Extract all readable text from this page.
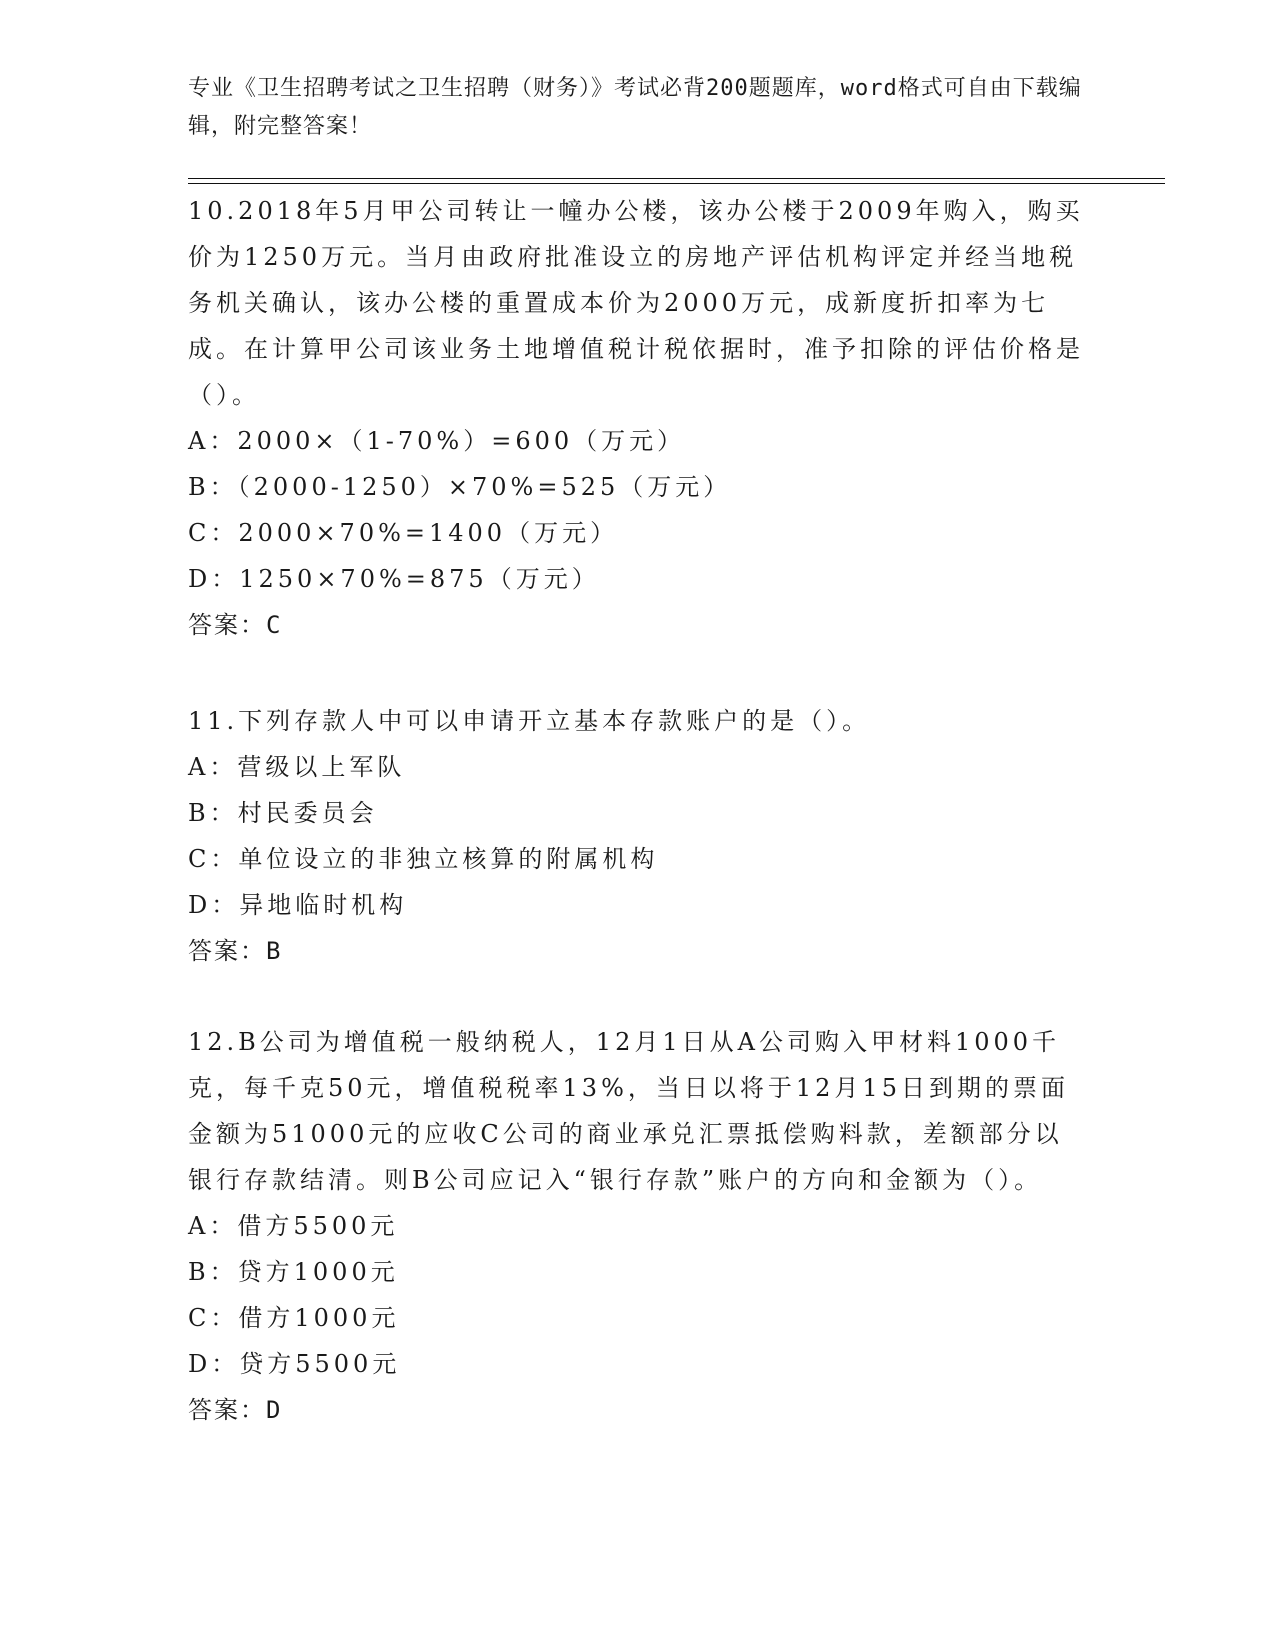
专业《卫生招聘考试之卫生招聘（财务）》考试必背200题题库，word格式可自由下载编辑，附完整答案！
10.2018年5月甲公司转让一幢办公楼，该办公楼于2009年购入，购买价为1250万元。当月由政府批准设立的房地产评估机构评定并经当地税务机关确认，该办公楼的重置成本价为2000万元，成新度折扣率为七成。在计算甲公司该业务土地增值税计税依据时，准予扣除的评估价格是（）。
A：2000×（1-70%）=600（万元）
B：（2000-1250）×70%=525（万元）
C：2000×70%=1400（万元）
D：1250×70%=875（万元）
答案：C
11.下列存款人中可以申请开立基本存款账户的是（）。
A：营级以上军队
B：村民委员会
C：单位设立的非独立核算的附属机构
D：异地临时机构
答案：B
12.B公司为增值税一般纳税人，12月1日从A公司购入甲材料1000千克，每千克50元，增值税税率13%，当日以将于12月15日到期的票面金额为51000元的应收C公司的商业承兑汇票抵偿购料款，差额部分以银行存款结清。则B公司应记入“银行存款”账户的方向和金额为（）。
A：借方5500元
B：贷方1000元
C：借方1000元
D：贷方5500元
答案：D
